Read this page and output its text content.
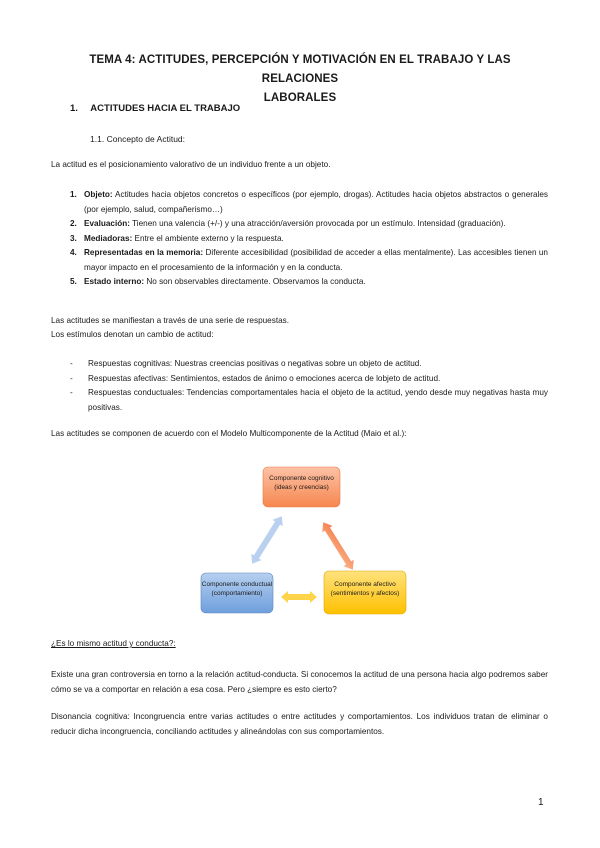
TEMA 4: ACTITUDES, PERCEPCIÓN Y MOTIVACIÓN EN EL TRABAJO Y LAS RELACIONES
LABORALES
1. ACTITUDES HACIA EL TRABAJO
1.1. Concepto de Actitud:
La actitud es el posicionamiento valorativo de un individuo frente a un objeto.
1. Objeto: Actitudes hacia objetos concretos o específicos (por ejemplo, drogas). Actitudes hacia objetos abstractos o generales (por ejemplo, salud, compañerismo…)
2. Evaluación: Tienen una valencia (+/-) y una atracción/aversión provocada por un estímulo. Intensidad (graduación).
3. Mediadoras: Entre el ambiente externo y la respuesta.
4. Representadas en la memoria: Diferente accesibilidad (posibilidad de acceder a ellas mentalmente). Las accesibles tienen un mayor impacto en el procesamiento de la información y en la conducta.
5. Estado interno: No son observables directamente. Observamos la conducta.
Las actitudes se manifiestan a través de una serie de respuestas.
Los estímulos denotan un cambio de actitud:
- Respuestas cognitivas: Nuestras creencias positivas o negativas sobre un objeto de actitud.
- Respuestas afectivas: Sentimientos, estados de ánimo o emociones acerca de lobjeto de actitud.
- Respuestas conductuales: Tendencias comportamentales hacia el objeto de la actitud, yendo desde muy negativas hasta muy positivas.
Las actitudes se componen de acuerdo con el Modelo Multicomponente de la Actitud (Maio et al.):
Componente cognitivo (ideas y creencias)
Componente afectivo (sentimientos y afectos)
Componente conductual (comportamiento)
¿Es lo mismo actitud y conducta?:
Existe una gran controversia en torno a la relación actitud-conducta. Si conocemos la actitud de una persona hacia algo podremos saber cómo se va a comportar en relación a esa cosa. Pero ¿siempre es esto cierto?
Disonancia cognitiva: Incongruencia entre varias actitudes o entre actitudes y comportamientos. Los individuos tratan de eliminar o reducir dicha incongruencia, conciliando actitudes y alineándolas con sus comportamientos.
1
